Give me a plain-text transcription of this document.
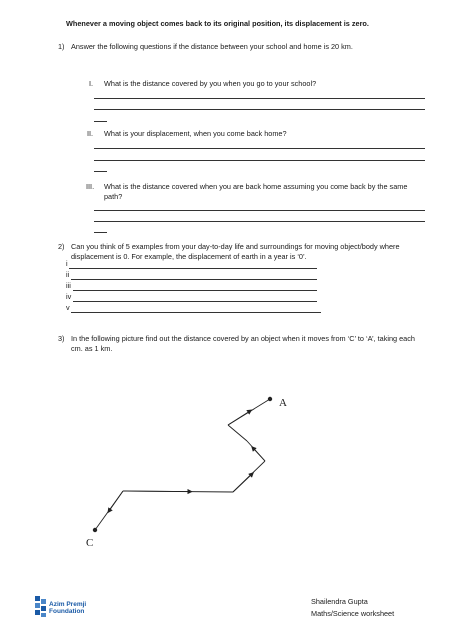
Whenever a moving object comes back to its original position, its displacement is zero.
1) Answer the following questions if the distance between your school and home is 20 km.
I. What is the distance covered by you when you go to your school?
II. What is your displacement, when you come back home?
III. What is the distance covered when you are back home assuming you come back by the same path?
2) Can you think of 5 examples from your day-to-day life and surroundings for moving object/body where displacement is 0. For example, the displacement of earth in a year is ‘0’.
i
ii
iii
iv
v
3) In the following picture find out the distance covered by an object when it moves from ‘C’ to ‘A’, taking each cm. as 1 km.
C
A
Azim Premji
Foundation
Shailendra Gupta
Maths/Science worksheet
